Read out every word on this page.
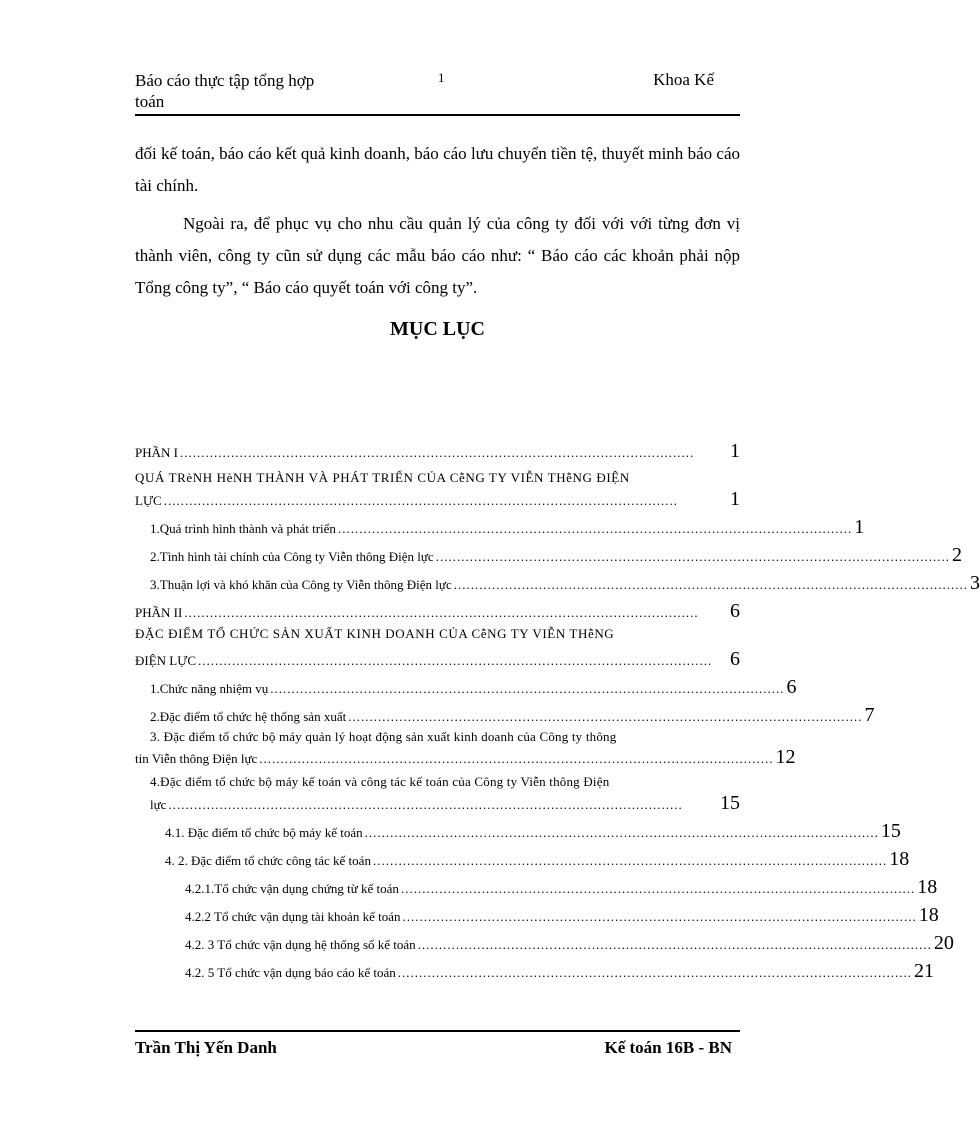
Báo cáo thực tập tổng hợp
toán
1	Khoa Kế
đối kế toán, báo cáo kết quả kinh doanh, báo cáo lưu chuyển tiền tệ, thuyết minh báo cáo tài chính.
Ngoài ra, để phục vụ cho nhu cầu quản lý của công ty đối với với từng đơn vị thành viên, công ty cũn sử dụng các mẫu báo cáo như: “ Báo cáo các khoản phải nộp Tổng công ty”, “ Báo cáo quyết toán với công ty”.
MỤC LỤC
PHẦN I .........................................................................................................................	1
QUÁ TRèNH HèNH THÀNH VÀ PHÁT TRIỂN CỦA CễNG TY VIỄN THễNG ĐIỆN
LỰC .........................................................................................................................	1
1.Quá trình hình thành và phát triển ......................................................................................................................... 1
2.Tình hình tài chính của Công ty Viễn thông Điện lực ......................................................................................................................... 2
3.Thuận lợi và khó khăn của Công ty Viễn thông Điện lực ......................................................................................................................... 3
PHẦN II .........................................................................................................................	6
ĐẶC ĐIỂM TỔ CHỨC SẢN XUẤT KINH DOANH CỦA CễNG TY VIỄN THễNG
ĐIỆN LỰC ......................................................................................................................... 6
1.Chức năng nhiệm vụ ......................................................................................................................... 6
2.Đặc điểm tổ chức hệ thống sản xuất ......................................................................................................................... 7
3. Đặc điểm tổ chức bộ máy quản lý hoạt động sản xuất kinh doanh của Công ty thông
tin Viễn thông Điện lực ......................................................................................................................... 12
4.Đặc điểm tổ chức bộ máy kế toán và công tác kế toán của Công ty Viễn thông Điện
lực .........................................................................................................................	15
4.1. Đặc điểm tổ chức bộ máy kế toán ......................................................................................................................... 15
4. 2. Đặc điểm tổ chức công tác kế toán ......................................................................................................................... 18
4.2.1.Tổ chức vận dụng chứng từ kế toán ......................................................................................................................... 18
4.2.2 Tổ chức vận dụng tài khoản kế toán ......................................................................................................................... 18
4.2. 3 Tổ chức vận dụng hệ thống sổ kế toán ......................................................................................................................... 20
4.2. 5 Tổ chức vận dụng báo cáo kế toán ......................................................................................................................... 21
Trần Thị Yến Danh	Kế toán 16B - BN
